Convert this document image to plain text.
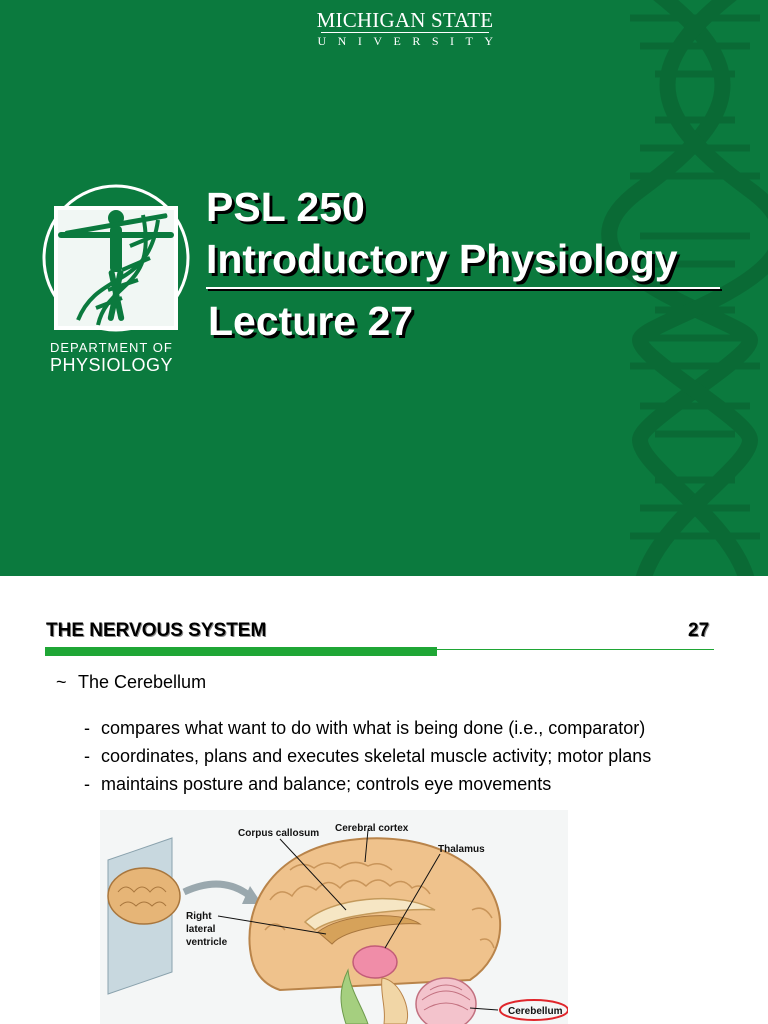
MICHIGAN STATE
UNIVERSITY
DEPARTMENT OF
PHYSIOLOGY
PSL 250
Introductory Physiology
Lecture 27
THE NERVOUS SYSTEM	27
~ The Cerebellum
- compares what want to do with what is being done (i.e., comparator)
- coordinates, plans and executes skeletal muscle activity; motor plans
- maintains posture and balance; controls eye movements
Corpus callosum Cerebral cortex
Thalamus
Right
lateral
ventricle
Cerebellum
